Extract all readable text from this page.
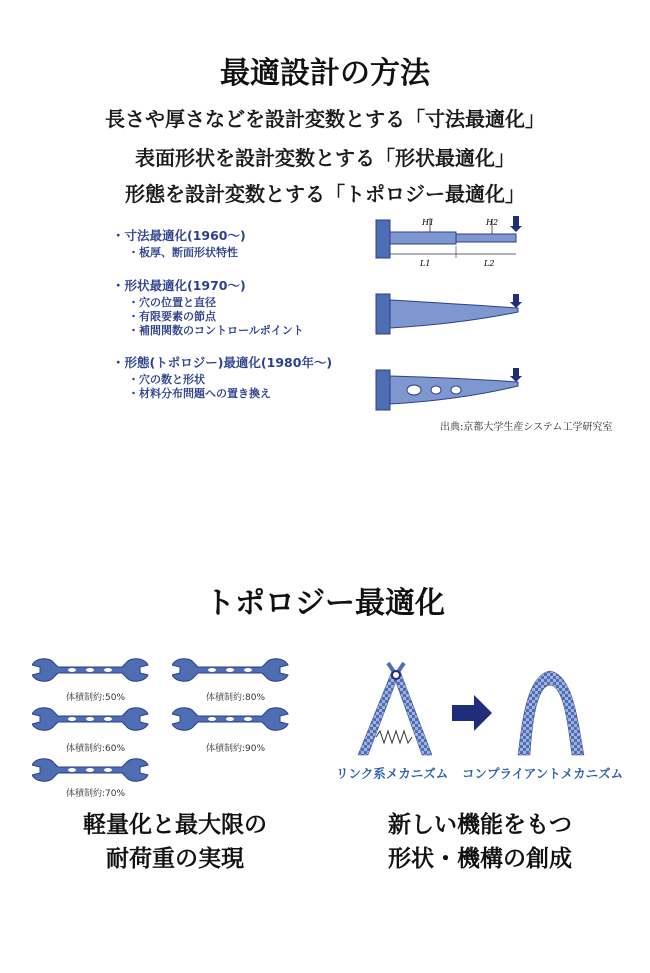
最適設計の方法
長さや厚さなどを設計変数とする「寸法最適化」
表面形状を設計変数とする「形状最適化」
形態を設計変数とする「トポロジー最適化」
・寸法最適化(1960～)
・板厚、断面形状特性
・形状最適化(1970～)
・穴の位置と直径
・有限要素の節点
・補間関数のコントロールポイント
・形態(トポロジー)最適化(1980年～)
・穴の数と形状
・材料分布問題への置き換え
H1	H2
L1	L2
出典:京都大学生産システム工学研究室
トポロジー最適化
体積制約:50%	体積制約:80%
体積制約:60%	体積制約:90%
体積制約:70%
リンク系メカニズム コンプライアントメカニズム
軽量化と最大限の
耐荷重の実現
新しい機能をもつ
形状・機構の創成
